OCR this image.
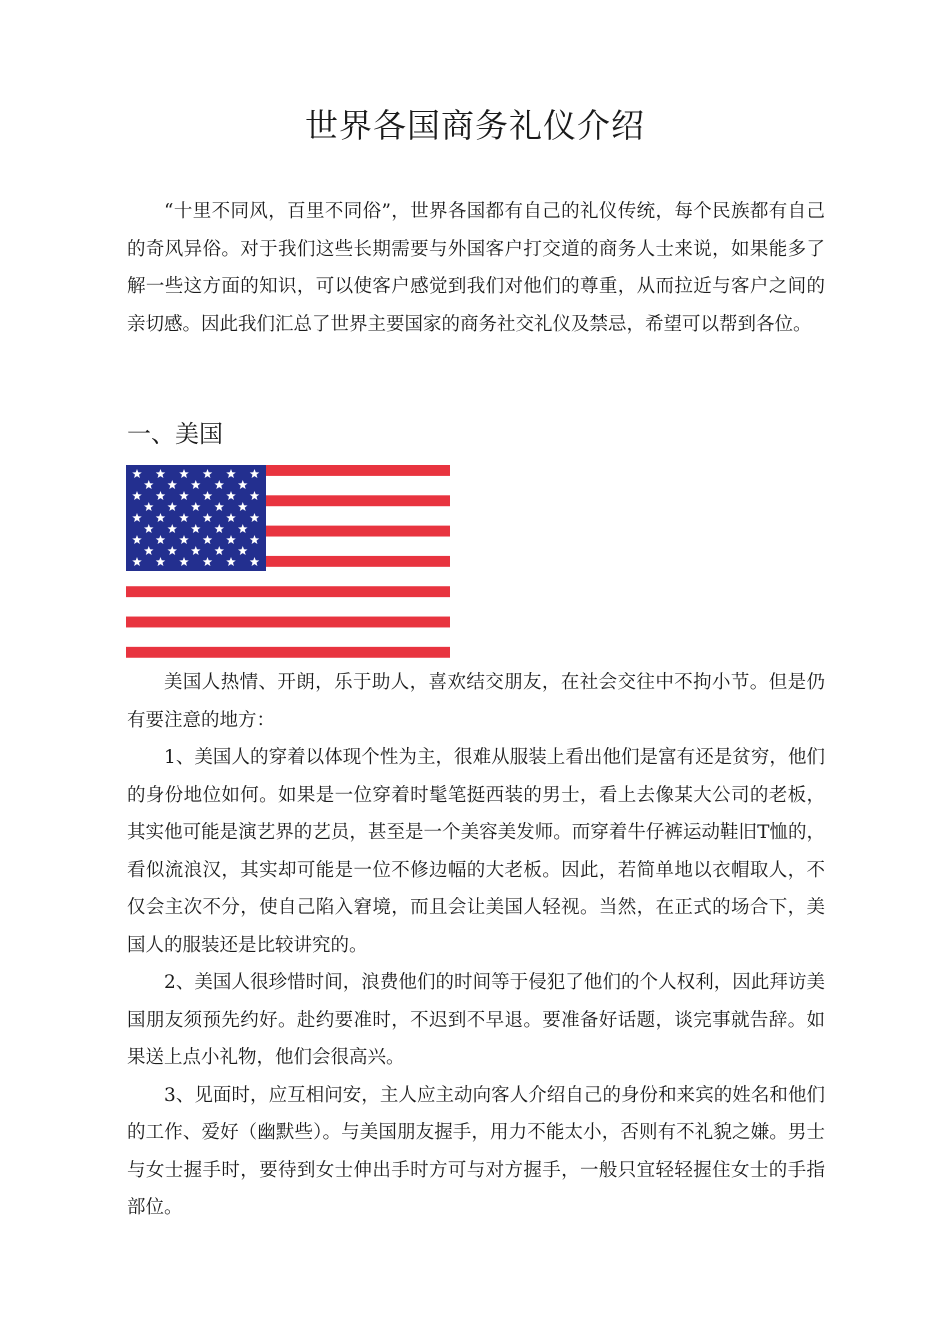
世界各国商务礼仪介绍

“十里不同风，百里不同俗”，世界各国都有自己的礼仪传统，每个民族都有自己的奇风异俗。对于我们这些长期需要与外国客户打交道的商务人士来说，如果能多了解一些这方面的知识，可以使客户感觉到我们对他们的尊重，从而拉近与客户之间的亲切感。因此我们汇总了世界主要国家的商务社交礼仪及禁忌，希望可以帮到各位。

一、美国

美国人热情、开朗，乐于助人，喜欢结交朋友，在社会交往中不拘小节。但是仍有要注意的地方：

1、美国人的穿着以体现个性为主，很难从服装上看出他们是富有还是贫穷，他们的身份地位如何。如果是一位穿着时髦笔挺西装的男士，看上去像某大公司的老板，其实他可能是演艺界的艺员，甚至是一个美容美发师。而穿着牛仔裤运动鞋旧T恤的，看似流浪汉，其实却可能是一位不修边幅的大老板。因此，若简单地以衣帽取人，不仅会主次不分，使自己陷入窘境，而且会让美国人轻视。当然，在正式的场合下，美国人的服装还是比较讲究的。

2、美国人很珍惜时间，浪费他们的时间等于侵犯了他们的个人权利，因此拜访美国朋友须预先约好。赴约要准时，不迟到不早退。要准备好话题，谈完事就告辞。如果送上点小礼物，他们会很高兴。

3、见面时，应互相问安，主人应主动向客人介绍自己的身份和来宾的姓名和他们的工作、爱好（幽默些）。与美国朋友握手，用力不能太小，否则有不礼貌之嫌。男士与女士握手时，要待到女士伸出手时方可与对方握手，一般只宜轻轻握住女士的手指部位。
